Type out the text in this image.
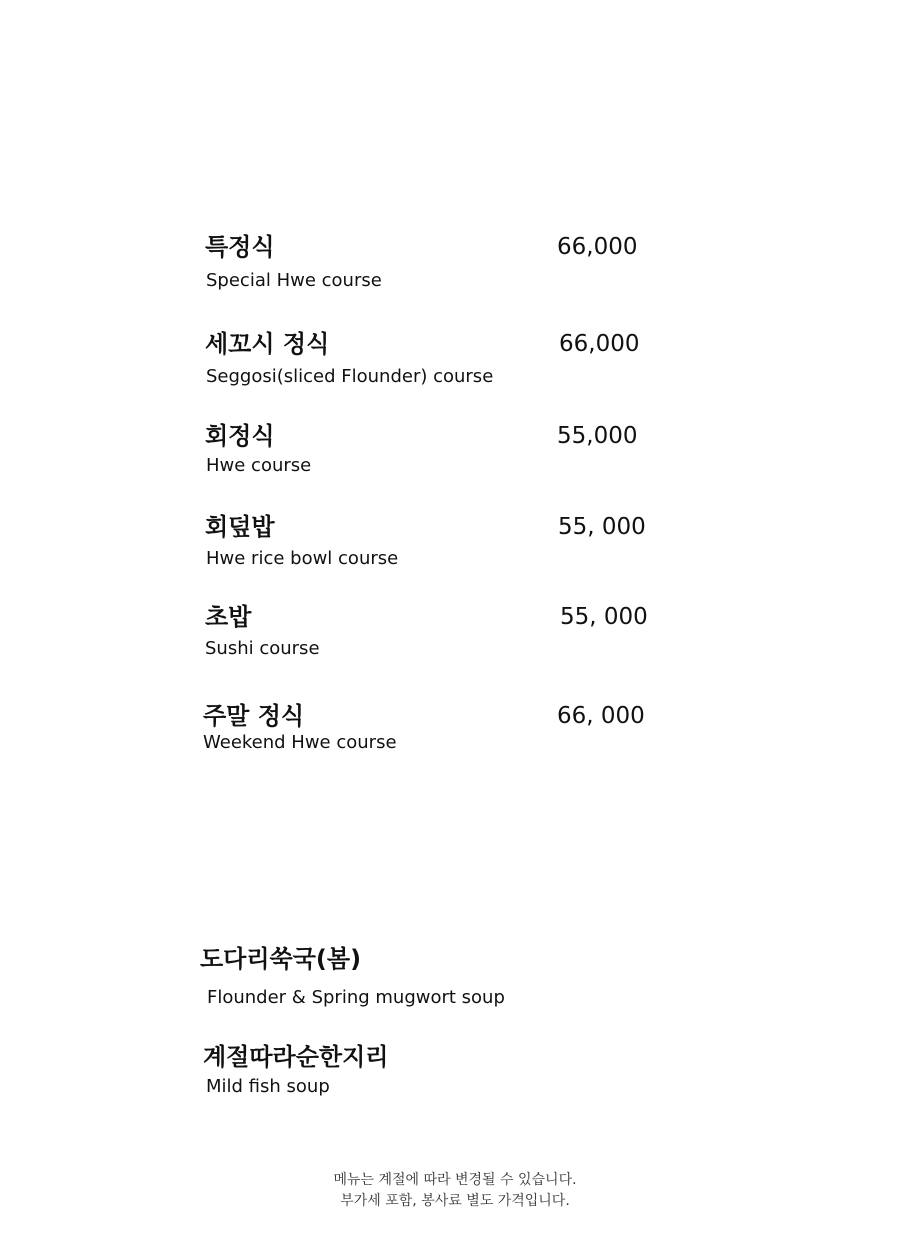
특정식	66,000
Special Hwe course
세꼬시 정식	66,000
Seggosi(sliced Flounder) course
회정식	55,000
Hwe course
회덮밥	55, 000
Hwe rice bowl course
초밥	55, 000
Sushi course
주말 정식	66, 000
Weekend Hwe course
도다리쑥국(봄)
Flounder & Spring mugwort soup
계절따라순한지리
Mild fish soup
메뉴는 계절에 따라 변경될 수 있습니다.
부가세 포함, 봉사료 별도 가격입니다.
